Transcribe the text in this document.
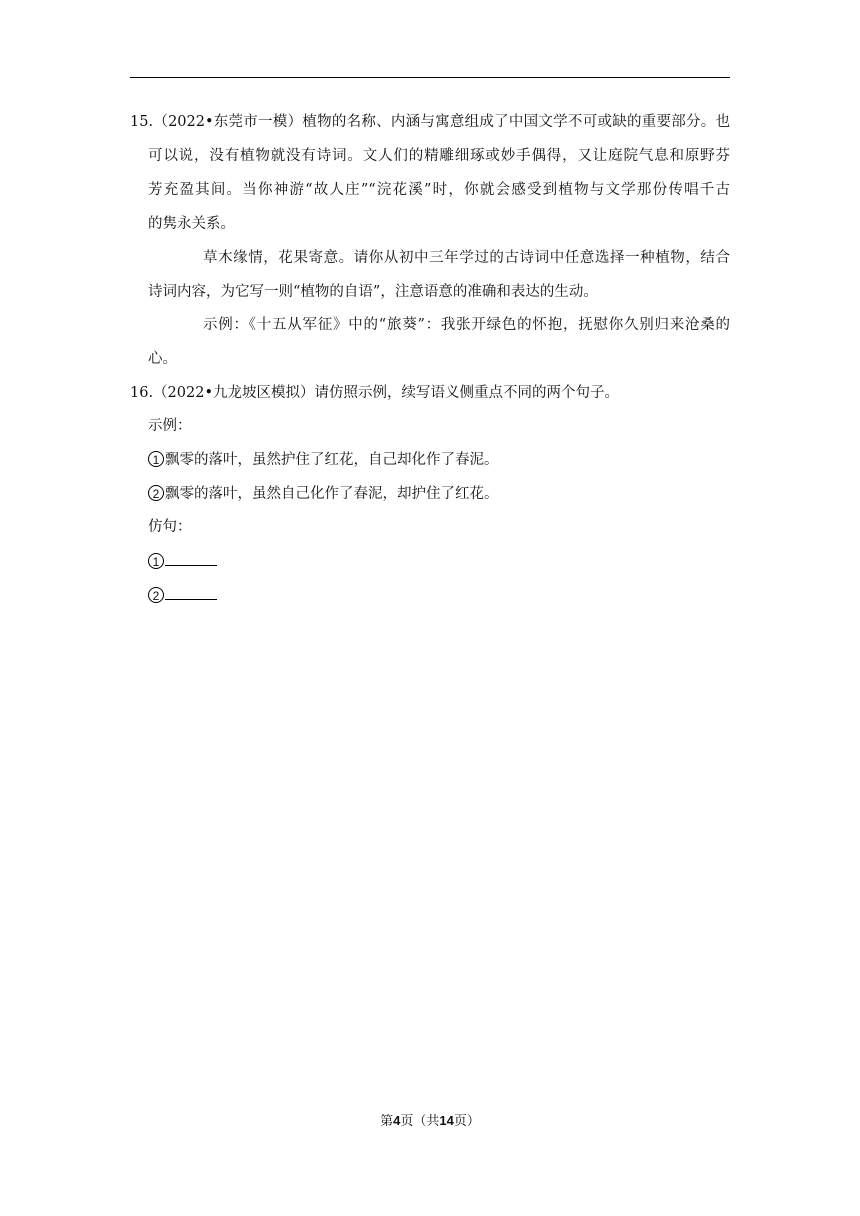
15.（2022•东莞市一模）植物的名称、内涵与寓意组成了中国文学不可或缺的重要部分。也
可以说，没有植物就没有诗词。文人们的精雕细琢或妙手偶得，又让庭院气息和原野芬
芳充盈其间。当你神游“故人庄”“浣花溪”时，你就会感受到植物与文学那份传唱千古
的隽永关系。
草木缘情，花果寄意。请你从初中三年学过的古诗词中任意选择一种植物，结合
诗词内容，为它写一则“植物的自语”，注意语意的准确和表达的生动。
示例：《十五从军征》中的“旅葵”：我张开绿色的怀抱，抚慰你久别归来沧桑的
心。
16.（2022•九龙坡区模拟）请仿照示例，续写语义侧重点不同的两个句子。
示例：
1 飘零的落叶，虽然护住了红花，自己却化作了春泥。
2 飘零的落叶，虽然自己化作了春泥，却护住了红花。
仿句：
1
2
第4页（共14页）
